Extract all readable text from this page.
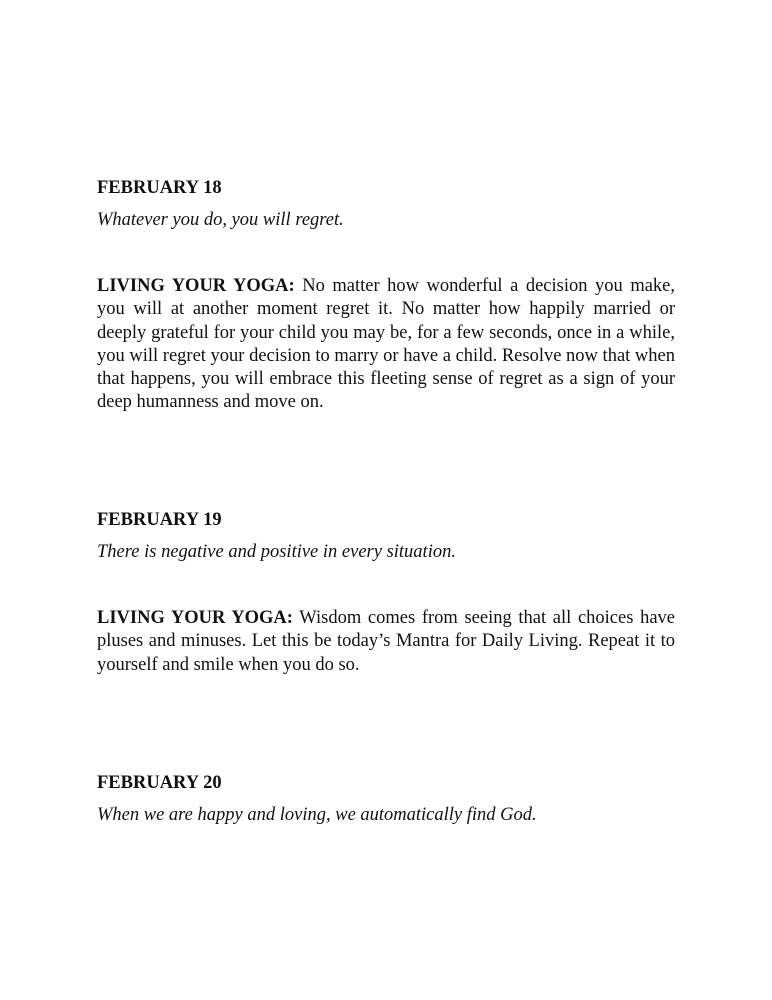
FEBRUARY 18

Whatever you do, you will regret.

LIVING YOUR YOGA: No matter how wonderful a decision you make, you will at another moment regret it. No matter how happily married or deeply grateful for your child you may be, for a few seconds, once in a while, you will regret your decision to marry or have a child. Resolve now that when that happens, you will embrace this fleeting sense of regret as a sign of your deep humanness and move on.

FEBRUARY 19

There is negative and positive in every situation.

LIVING YOUR YOGA: Wisdom comes from seeing that all choices have pluses and minuses. Let this be today’s Mantra for Daily Living. Repeat it to yourself and smile when you do so.

FEBRUARY 20

When we are happy and loving, we automatically find God.
